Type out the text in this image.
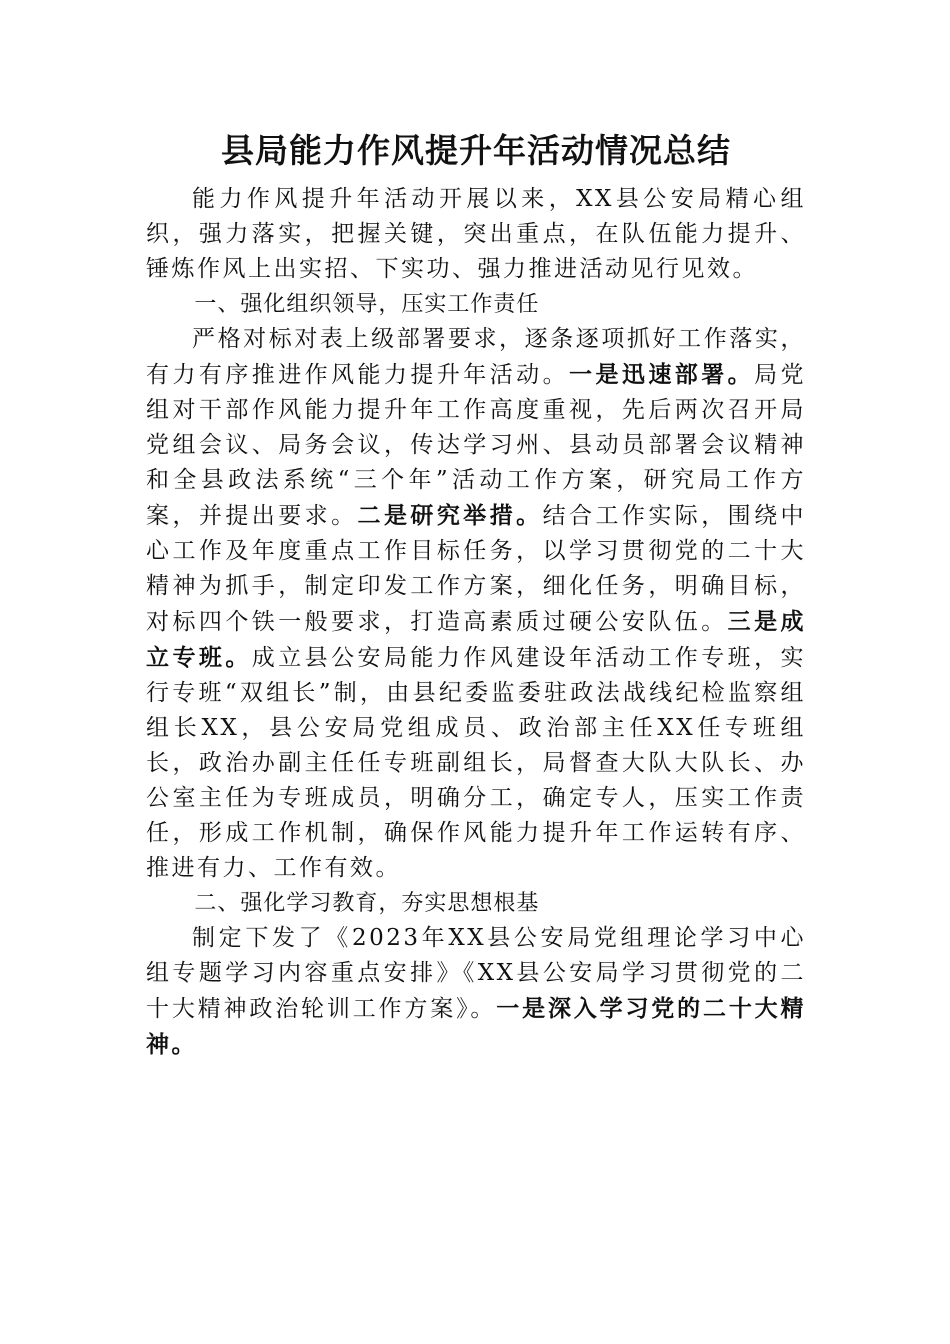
县局能力作风提升年活动情况总结

能力作风提升年活动开展以来，XX县公安局精心组织，强力落实，把握关键，突出重点，在队伍能力提升、锤炼作风上出实招、下实功、强力推进活动见行见效。

一、强化组织领导，压实工作责任

严格对标对表上级部署要求，逐条逐项抓好工作落实，有力有序推进作风能力提升年活动。一是迅速部署。局党组对干部作风能力提升年工作高度重视，先后两次召开局党组会议、局务会议，传达学习州、县动员部署会议精神和全县政法系统“三个年”活动工作方案，研究局工作方案，并提出要求。二是研究举措。结合工作实际，围绕中心工作及年度重点工作目标任务，以学习贯彻党的二十大精神为抓手，制定印发工作方案，细化任务，明确目标，对标四个铁一般要求，打造高素质过硬公安队伍。三是成立专班。成立县公安局能力作风建设年活动工作专班，实行专班“双组长”制，由县纪委监委驻政法战线纪检监察组组长XX，县公安局党组成员、政治部主任XX任专班组长，政治办副主任任专班副组长，局督查大队大队长、办公室主任为专班成员，明确分工，确定专人，压实工作责任，形成工作机制，确保作风能力提升年工作运转有序、推进有力、工作有效。

二、强化学习教育，夯实思想根基

制定下发了《2023年XX县公安局党组理论学习中心组专题学习内容重点安排》《XX县公安局学习贯彻党的二十大精神政治轮训工作方案》。一是深入学习党的二十大精神。
